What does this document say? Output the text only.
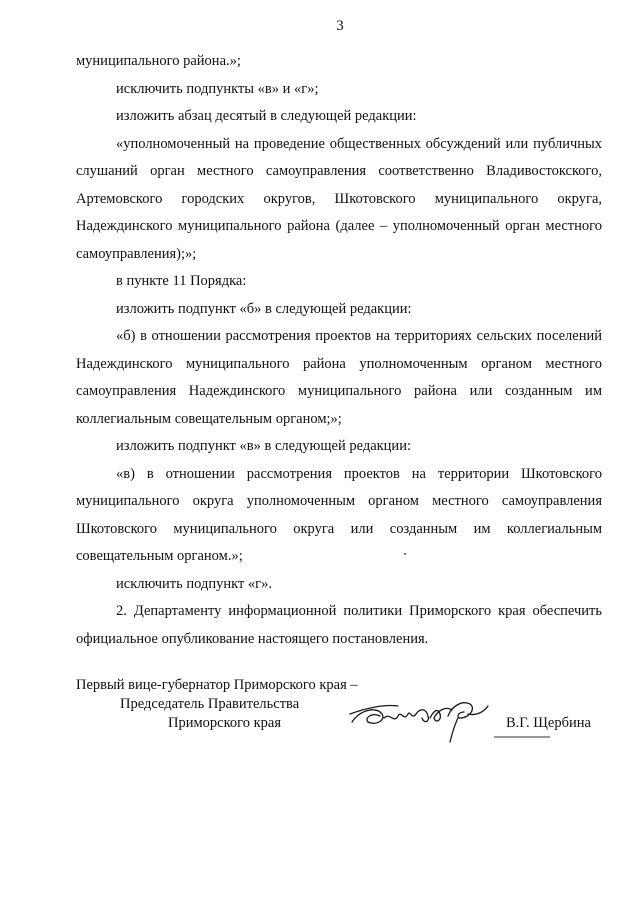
3

муниципального района.»;

исключить подпункты «в» и «г»;

изложить абзац десятый в следующей редакции:

«уполномоченный на проведение общественных обсуждений или публичных слушаний орган местного самоуправления соответственно Владивостокского, Артемовского городских округов, Шкотовского муниципального округа, Надеждинского муниципального района (далее – уполномоченный орган местного самоуправления);»;

в пункте 11 Порядка:

изложить подпункт «б» в следующей редакции:

«б) в отношении рассмотрения проектов на территориях сельских поселений Надеждинского муниципального района уполномоченным органом местного самоуправления Надеждинского муниципального района или созданным им коллегиальным совещательным органом;»;

изложить подпункт «в» в следующей редакции:

«в) в отношении рассмотрения проектов на территории Шкотовского муниципального округа уполномоченным органом местного самоуправления Шкотовского муниципального округа или созданным им коллегиальным совещательным органом.»;

исключить подпункт «г».

2. Департаменту информационной политики Приморского края обеспечить официальное опубликование настоящего постановления.

Первый вице-губернатор Приморского края –
Председатель Правительства
Приморского края	В.Г. Щербина
